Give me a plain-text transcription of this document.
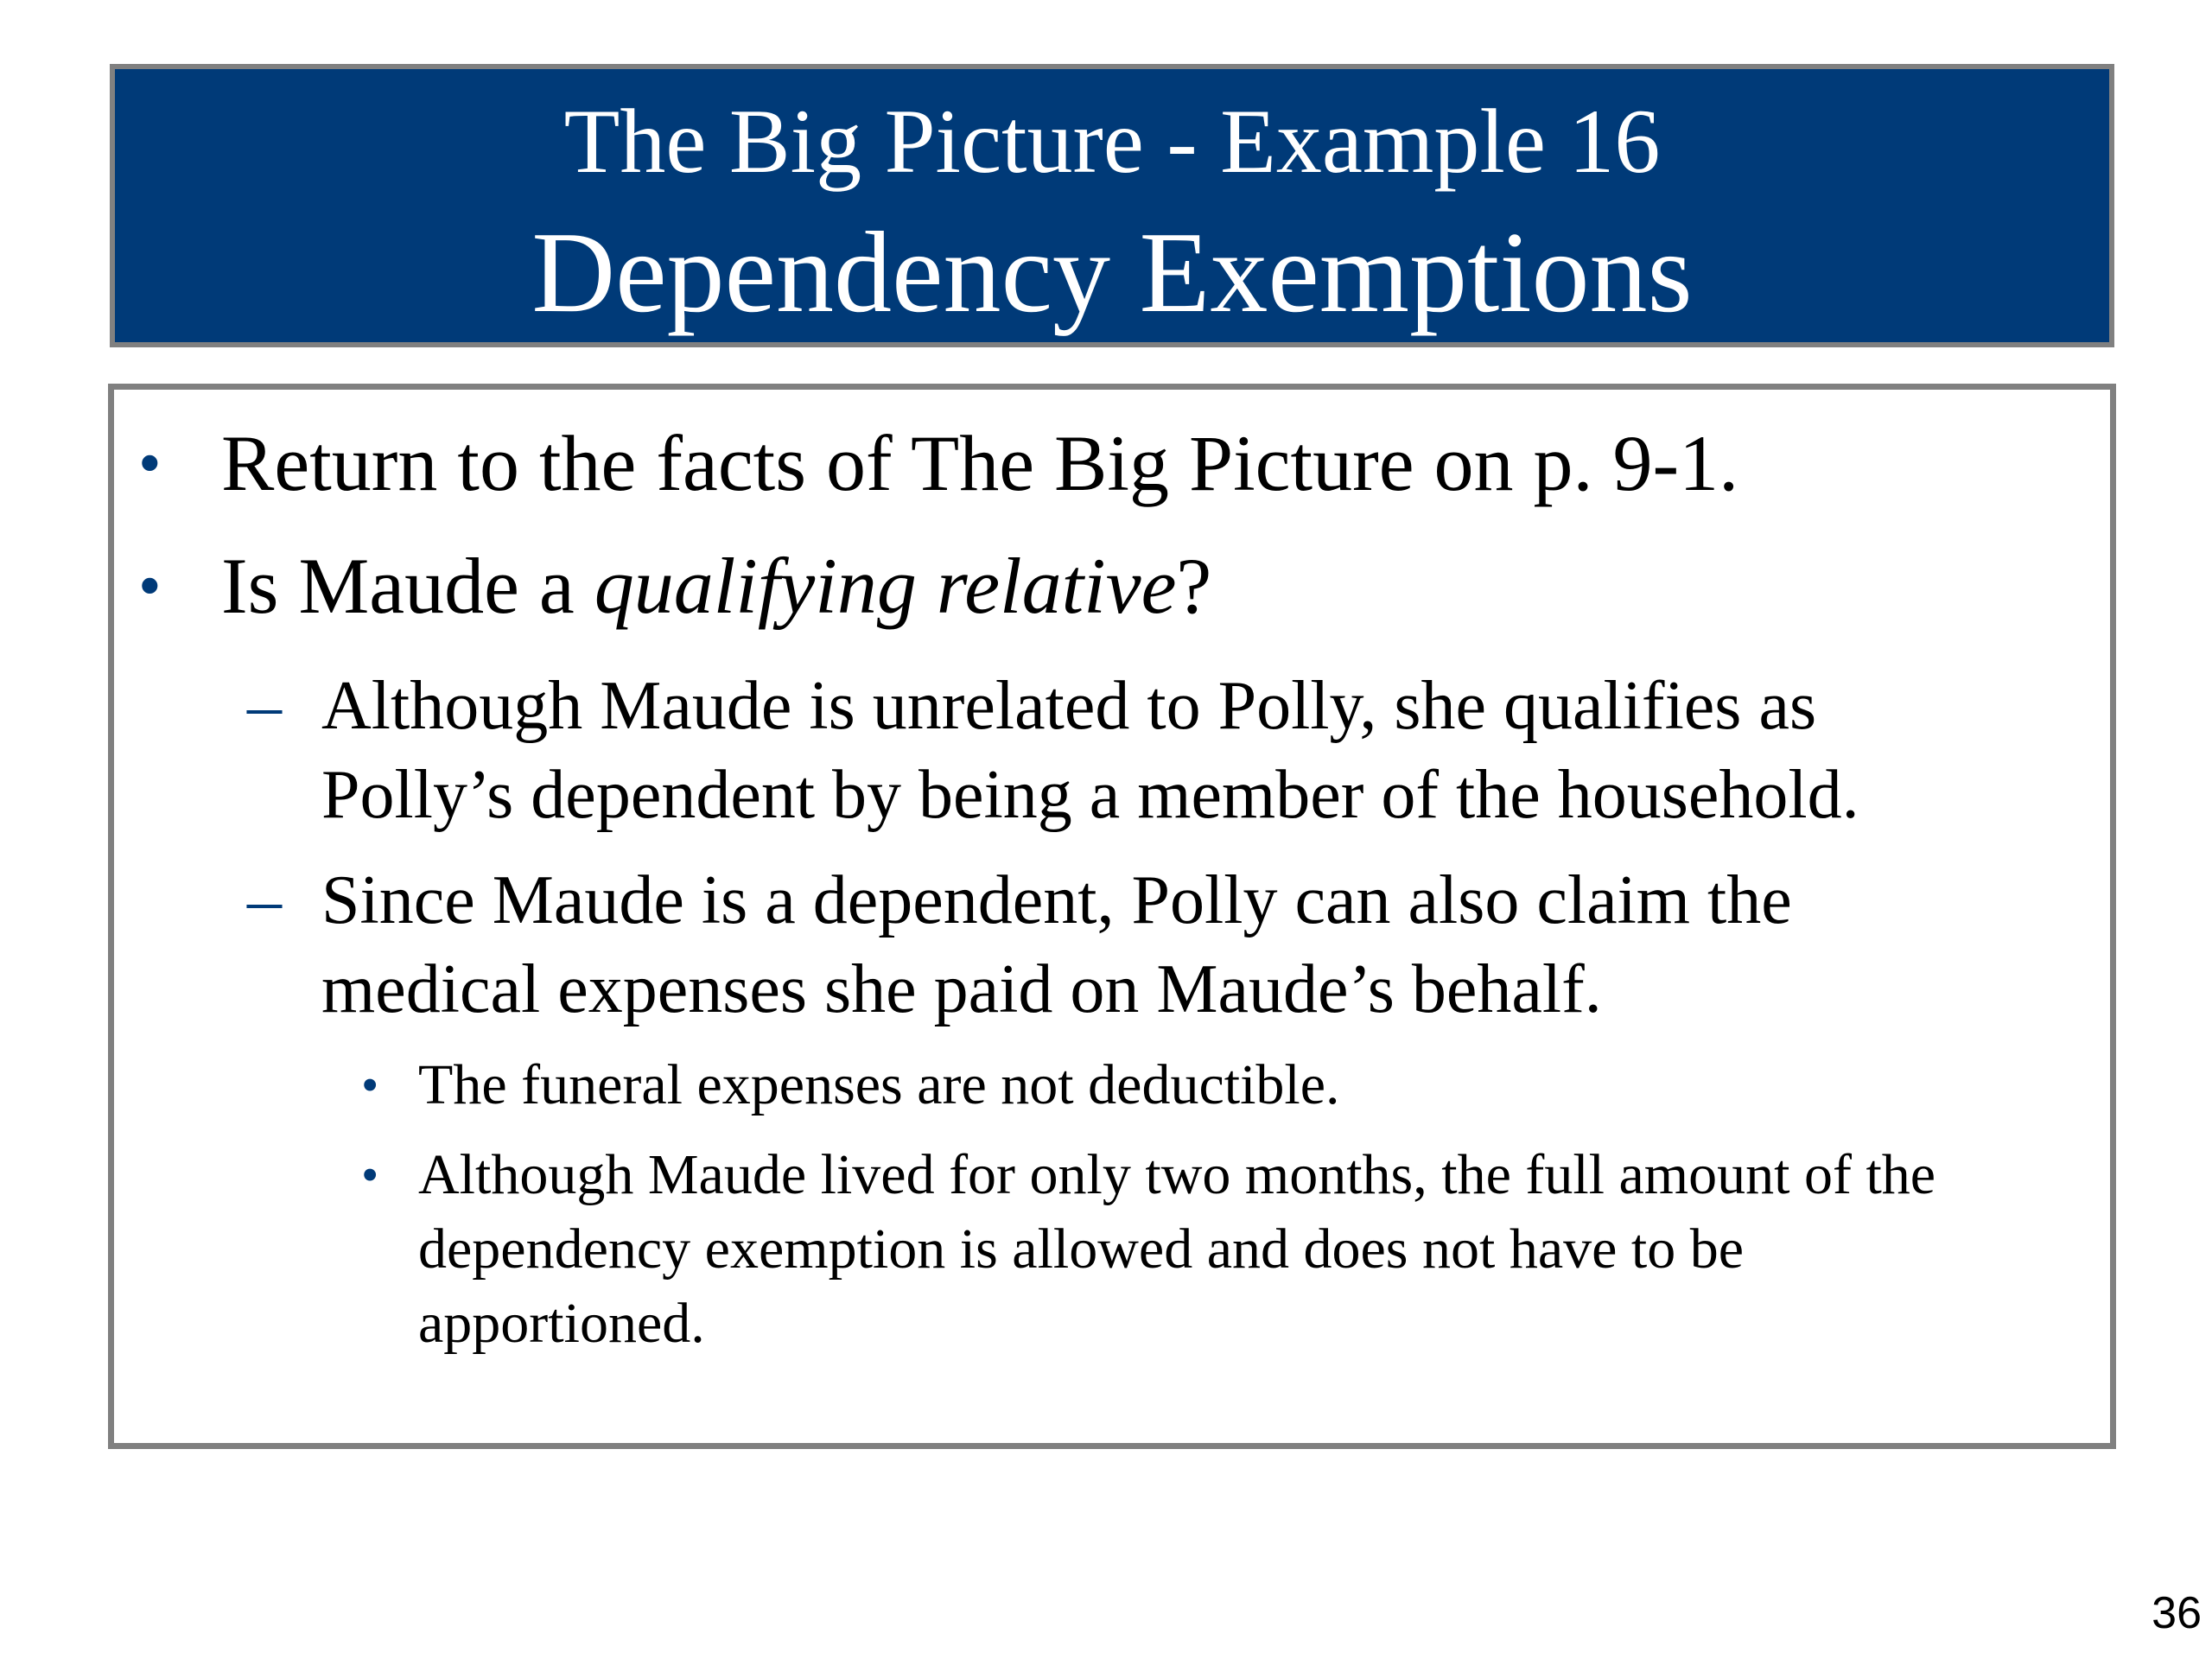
The Big Picture - Example 16
Dependency Exemptions
• Return to the facts of The Big Picture on p. 9-1.
• Is Maude a qualifying relative?
– Although Maude is unrelated to Polly, she qualifies as
Polly’s dependent by being a member of the household.
– Since Maude is a dependent, Polly can also claim the
medical expenses she paid on Maude’s behalf.
• The funeral expenses are not deductible.
• Although Maude lived for only two months, the full amount of the
dependency exemption is allowed and does not have to be
apportioned.
36
